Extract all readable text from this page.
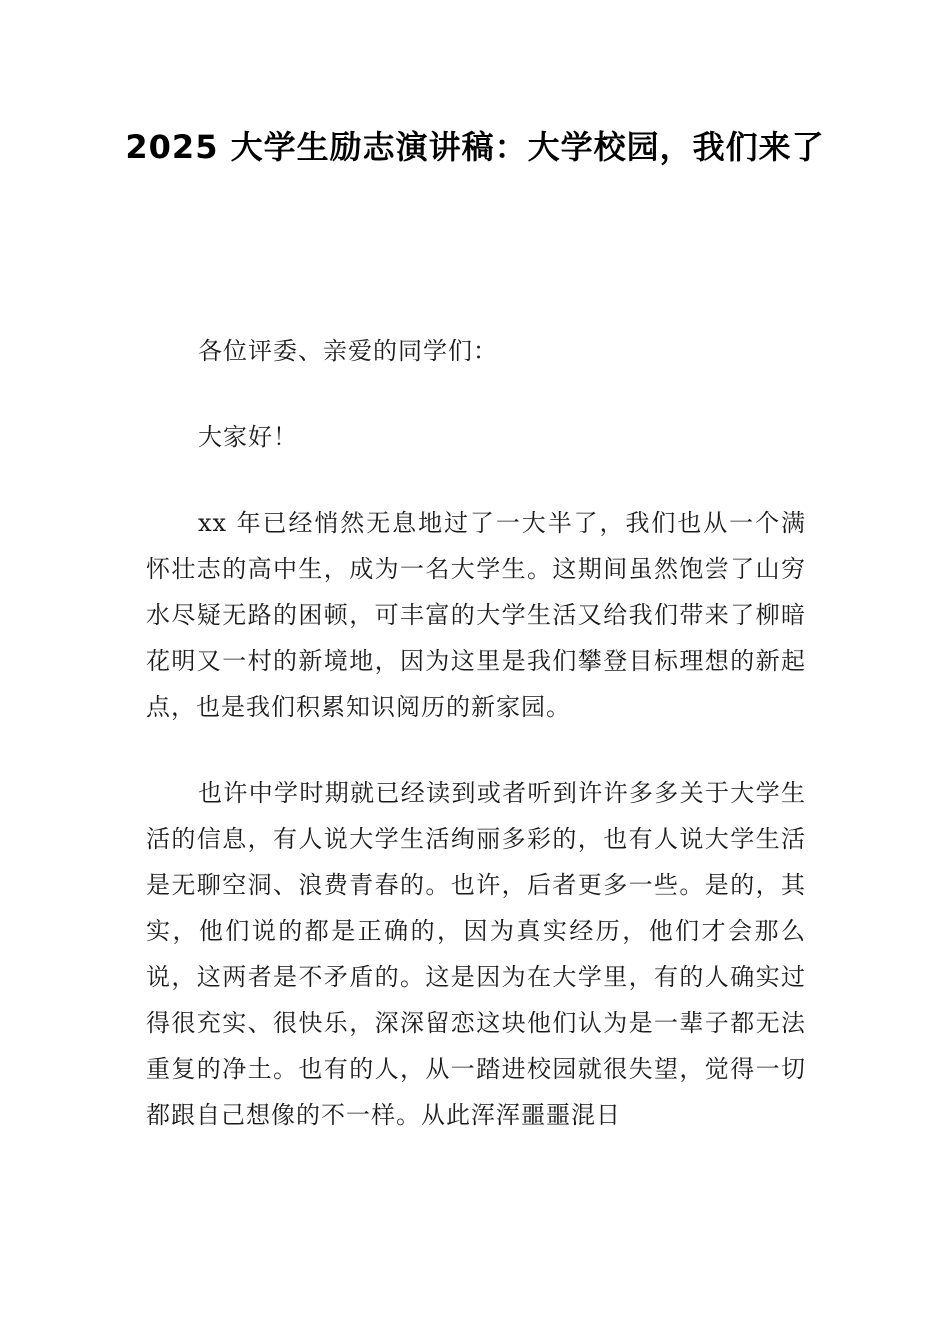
2025 大学生励志演讲稿：大学校园，我们来了

各位评委、亲爱的同学们：

大家好！

xx 年已经悄然无息地过了一大半了，我们也从一个满怀壮志的高中生，成为一名大学生。这期间虽然饱尝了山穷水尽疑无路的困顿，可丰富的大学生活又给我们带来了柳暗花明又一村的新境地，因为这里是我们攀登目标理想的新起点，也是我们积累知识阅历的新家园。

也许中学时期就已经读到或者听到许许多多关于大学生活的信息，有人说大学生活绚丽多彩的，也有人说大学生活是无聊空洞、浪费青春的。也许，后者更多一些。是的，其实，他们说的都是正确的，因为真实经历，他们才会那么说，这两者是不矛盾的。这是因为在大学里，有的人确实过得很充实、很快乐，深深留恋这块他们认为是一辈子都无法重复的净土。也有的人，从一踏进校园就很失望，觉得一切都跟自己想像的不一样。从此浑浑噩噩混日
